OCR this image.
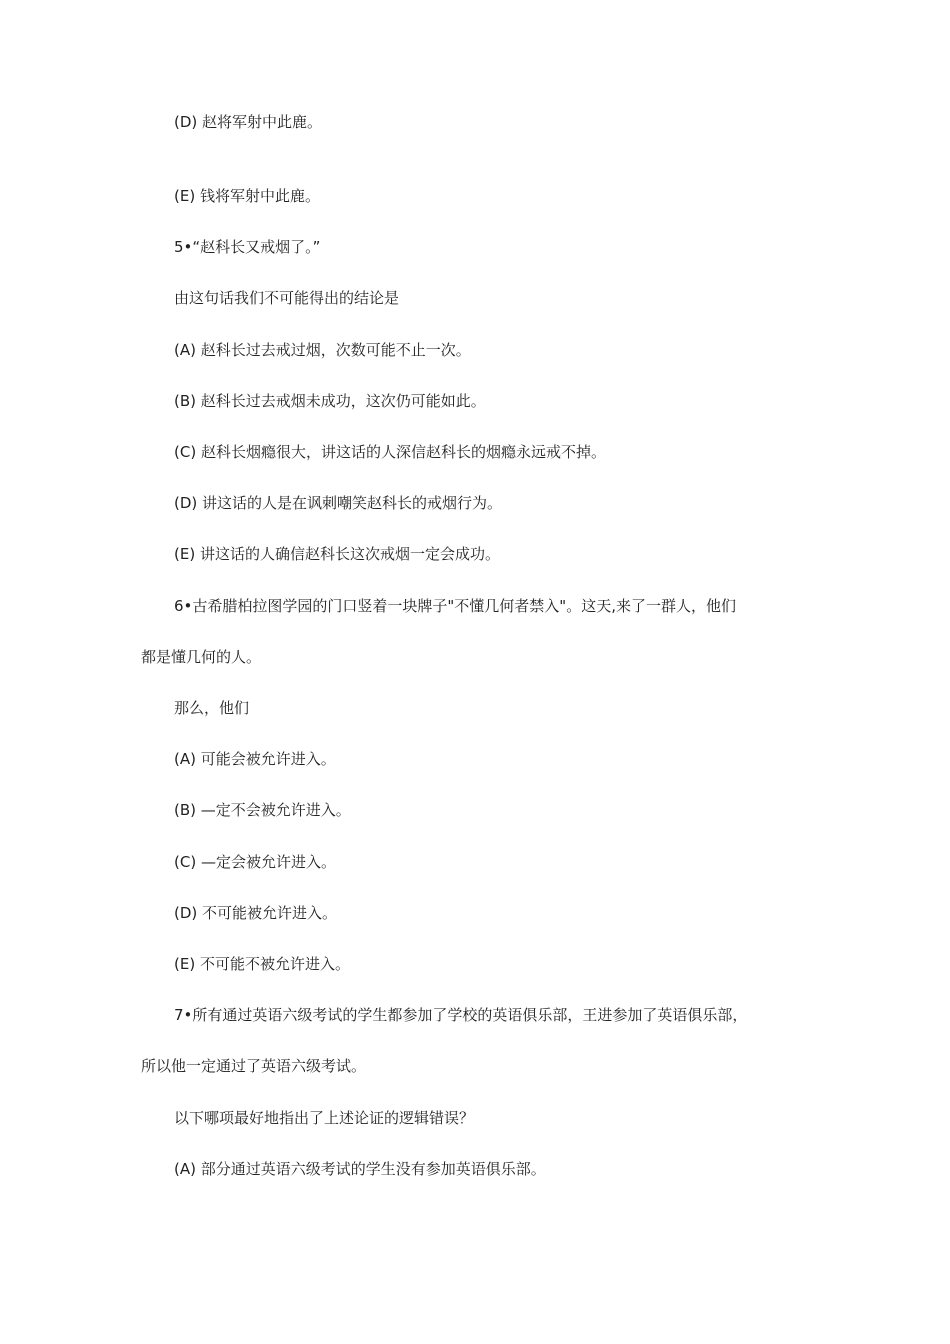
(D) 赵将军射中此鹿。
(E) 钱将军射中此鹿。
5•“赵科长又戒烟了。”
由这句话我们不可能得出的结论是
(A) 赵科长过去戒过烟，次数可能不止一次。
(B) 赵科长过去戒烟未成功，这次仍可能如此。
(C) 赵科长烟瘾很大，讲这话的人深信赵科长的烟瘾永远戒不掉。
(D) 讲这话的人是在讽刺嘲笑赵科长的戒烟行为。
(E) 讲这话的人确信赵科长这次戒烟一定会成功。
6•古希腊柏拉图学园的门口竖着一块牌子"不懂几何者禁入"。这天,来了一群人，他们
都是懂几何的人。
那么，他们
(A) 可能会被允许进入。
(B) —定不会被允许进入。
(C) —定会被允许进入。
(D) 不可能被允许进入。
(E) 不可能不被允许进入。
7•所有通过英语六级考试的学生都参加了学校的英语俱乐部，王进参加了英语俱乐部，
所以他一定通过了英语六级考试。
以下哪项最好地指出了上述论证的逻辑错误？
(A) 部分通过英语六级考试的学生没有参加英语俱乐部。
